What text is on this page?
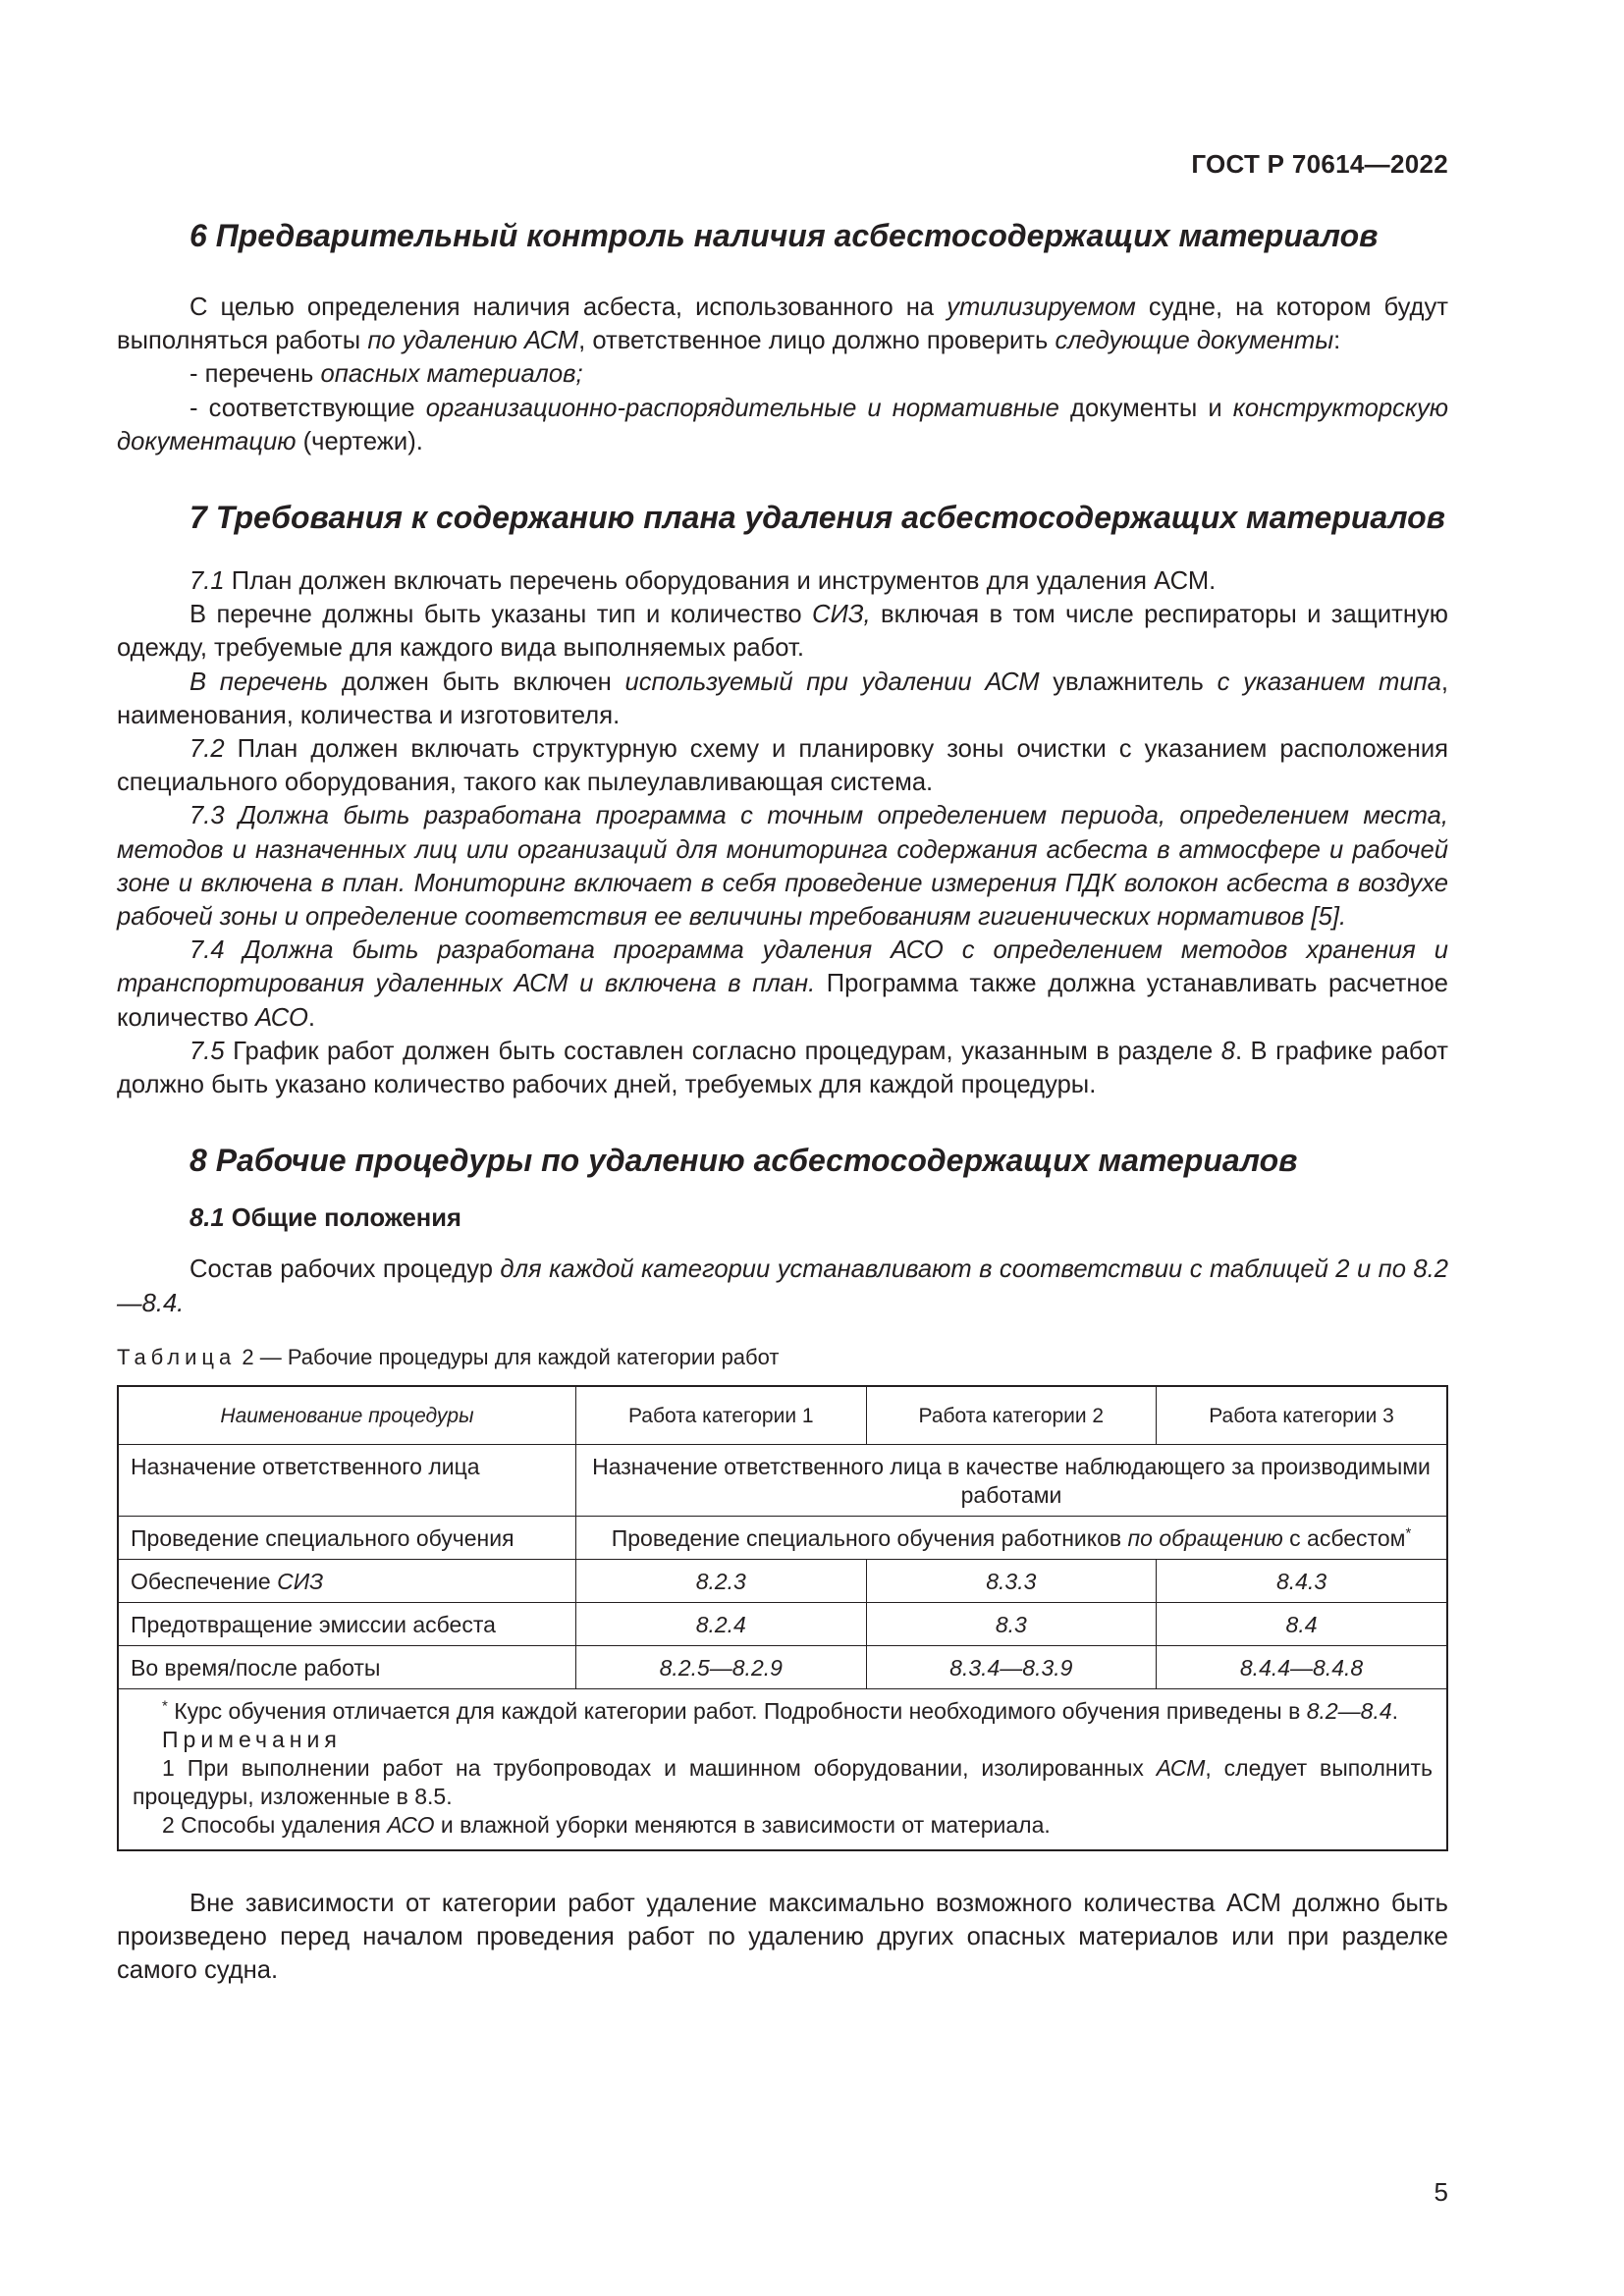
ГОСТ Р 70614—2022
6 Предварительный контроль наличия асбестосодержащих материалов

С целью определения наличия асбеста, использованного на утилизируемом судне, на котором будут выполняться работы по удалению АСМ, ответственное лицо должно проверить следующие документы:

- перечень опасных материалов;

- соответствующие организационно-распорядительные и нормативные документы и конструкторскую документацию (чертежи).

7 Требования к содержанию плана удаления асбестосодержащих материалов

7.1 План должен включать перечень оборудования и инструментов для удаления АСМ.

В перечне должны быть указаны тип и количество СИЗ, включая в том числе респираторы и защитную одежду, требуемые для каждого вида выполняемых работ.

В перечень должен быть включен используемый при удалении АСМ увлажнитель с указанием типа, наименования, количества и изготовителя.

7.2 План должен включать структурную схему и планировку зоны очистки с указанием расположения специального оборудования, такого как пылеулавливающая система.

7.3 Должна быть разработана программа с точным определением периода, определением места, методов и назначенных лиц или организаций для мониторинга содержания асбеста в атмосфере и рабочей зоне и включена в план. Мониторинг включает в себя проведение измерения ПДК волокон асбеста в воздухе рабочей зоны и определение соответствия ее величины требованиям гигиенических нормативов [5].

7.4 Должна быть разработана программа удаления АСО с определением методов хранения и транспортирования удаленных АСМ и включена в план. Программа также должна устанавливать расчетное количество АСО.

7.5 График работ должен быть составлен согласно процедурам, указанным в разделе 8. В графике работ должно быть указано количество рабочих дней, требуемых для каждой процедуры.

8 Рабочие процедуры по удалению асбестосодержащих материалов
8.1 Общие положения

Состав рабочих процедур для каждой категории устанавливают в соответствии с таблицей 2 и по 8.2—8.4.

Таблица 2 — Рабочие процедуры для каждой категории работ
Наименование процедуры	Работа категории 1	Работа категории 2	Работа категории 3
Назначение ответственного лица	Назначение ответственного лица в качестве наблюдающего за производимыми работами		
Проведение специального обучения	Проведение специального обучения работников по обращению с асбестом*
Обеспечение СИЗ	8.2.3	8.3.3	8.4.3
Предотвращение эмиссии асбеста	8.2.4	8.3	8.4
Во время/после работы	8.2.5—8.2.9	8.3.4—8.3.9	8.4.4—8.4.8

* Курс обучения отличается для каждой категории работ. Подробности необходимого обучения приведены в 8.2—8.4.

Примечания

1 При выполнении работ на трубопроводах и машинном оборудовании, изолированных АСМ, следует выполнить процедуры, изложенные в 8.5.

2 Способы удаления АСО и влажной уборки меняются в зависимости от материала.			

Вне зависимости от категории работ удаление максимально возможного количества АСМ должно быть произведено перед началом проведения работ по удалению других опасных материалов или при разделке самого судна.

5
